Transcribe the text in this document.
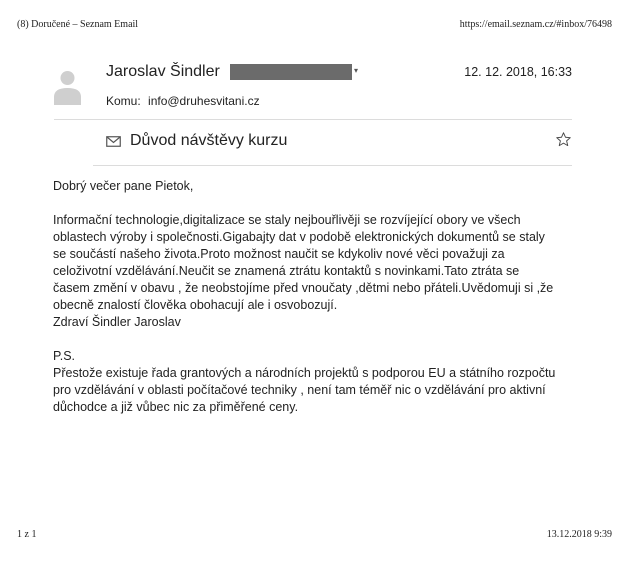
(8) Doručené – Seznam Email	https://email.seznam.cz/#inbox/76498
Jaroslav Šindler	▾	12. 12. 2018, 16:33
Komu: info@druhesvitani.cz
Důvod návštěvy kurzu

Dobrý večer pane Pietok,

Informační technologie,digitalizace se staly nejbouřlivěji se rozvíjející obory ve všech

oblastech výroby i společnosti.Gigabajty dat v podobě elektronických dokumentů se staly

se součástí našeho života.Proto možnost naučit se kdykoliv nové věci považuji za

celoživotní vzdělávání.Neučit se znamená ztrátu kontaktů s novinkami.Tato ztráta se

časem změní v obavu , že neobstojíme před vnoučaty ,dětmi nebo přáteli.Uvědomuji si ,že

obecně znalostí člověka obohacují ale i osvobozují.

Zdraví Šindler Jaroslav

P.S.

Přestože existuje řada grantových a národních projektů s podporou EU a státního rozpočtu

pro vzdělávání v oblasti počítačové techniky , není tam téměř nic o vzdělávání pro aktivní

důchodce a již vůbec nic za přiměřené ceny.

1 z 1	13.12.2018 9:39
